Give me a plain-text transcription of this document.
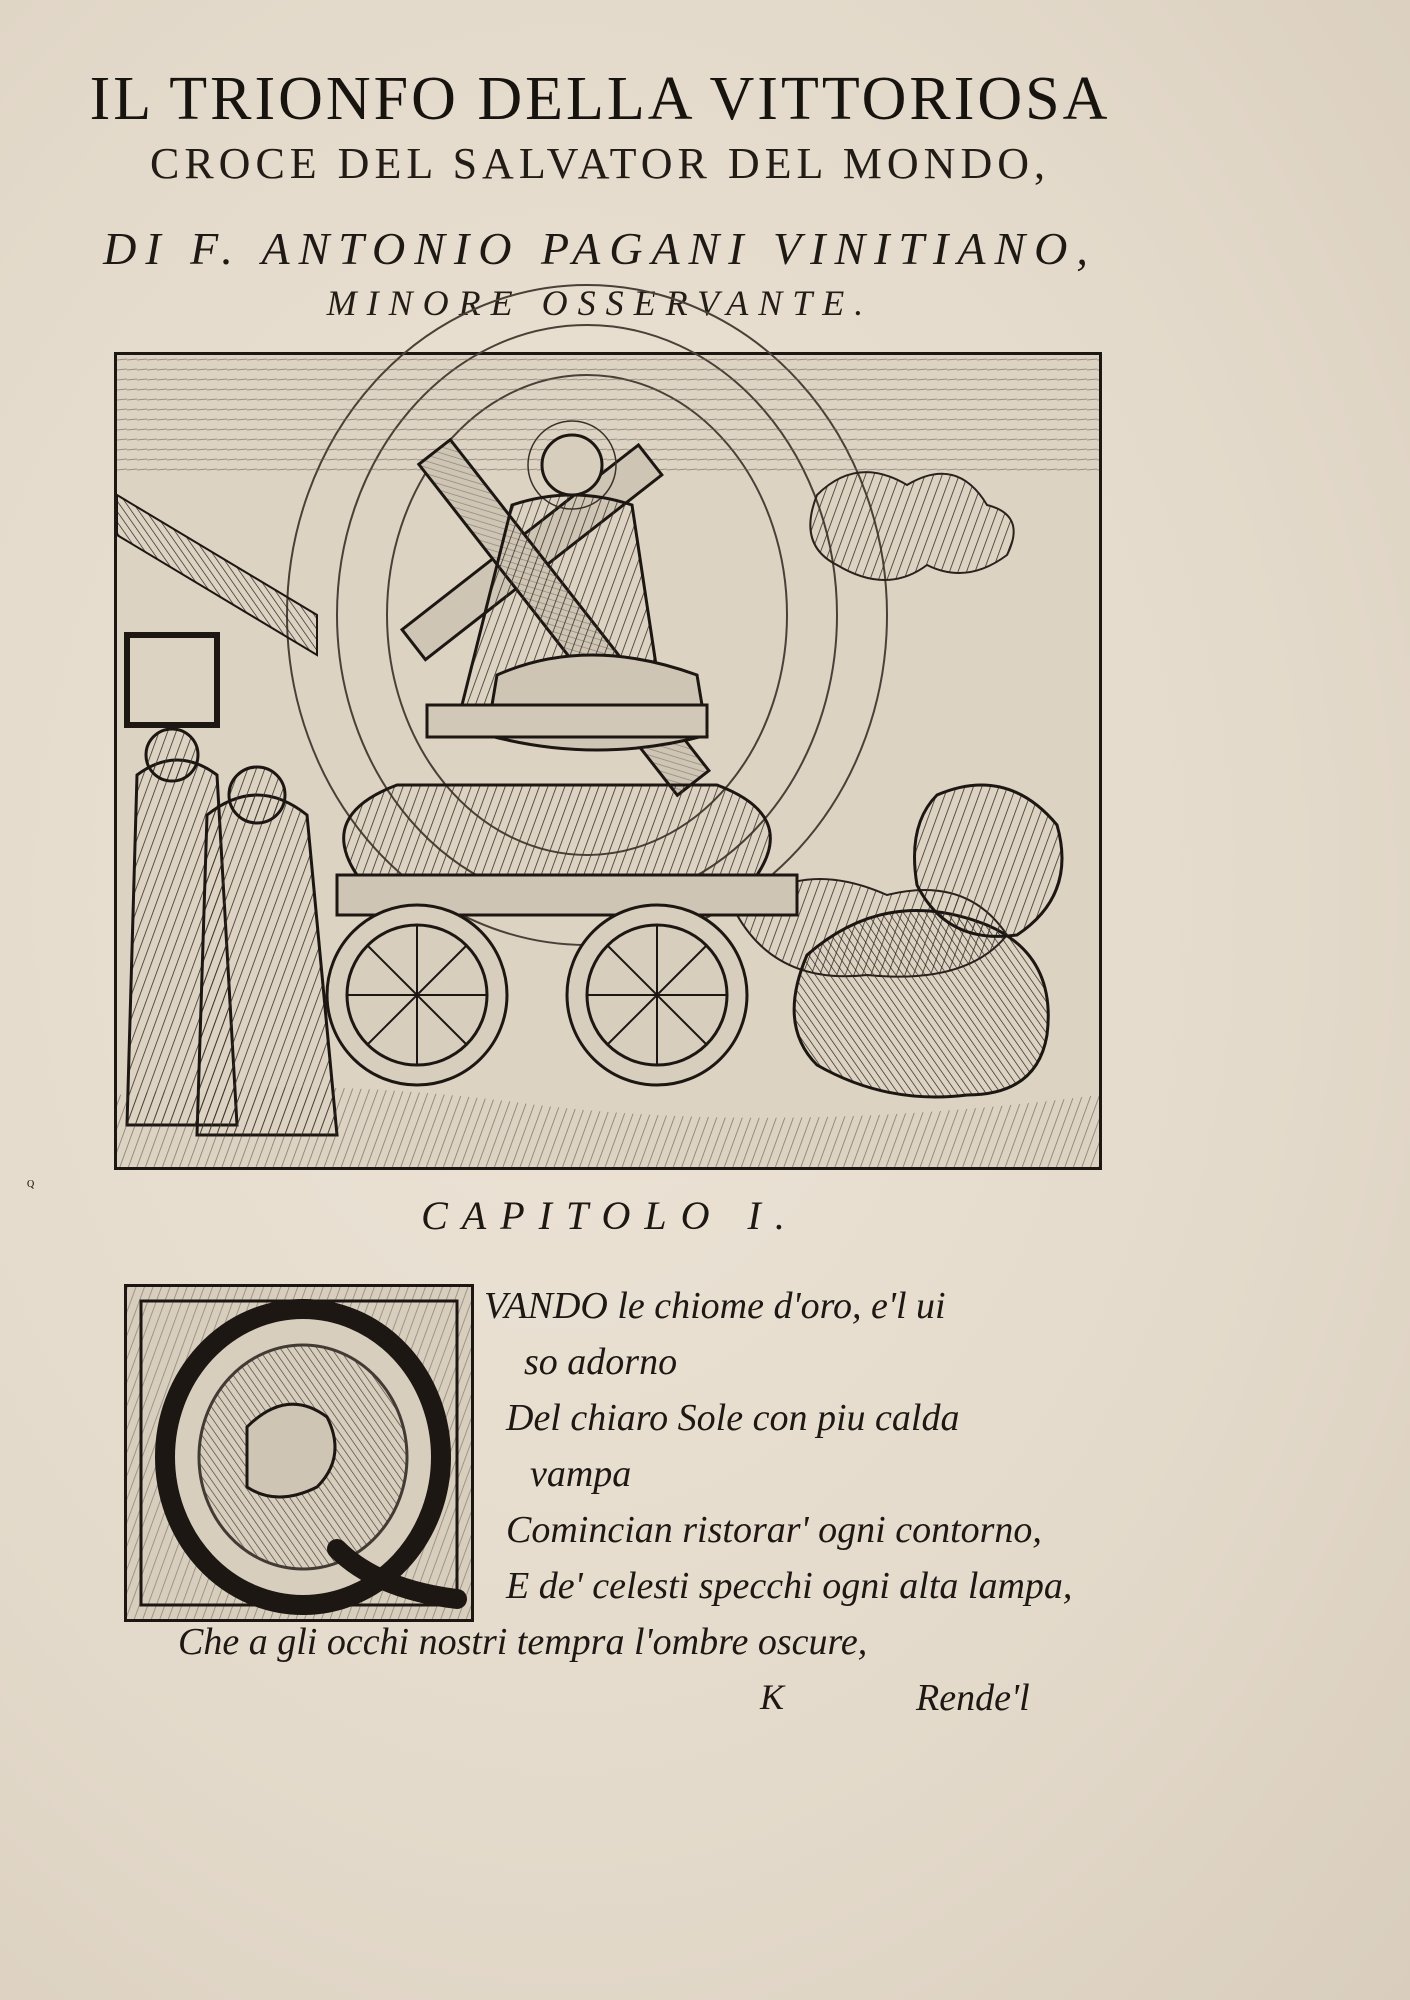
IL TRIONFO DELLA VITTORIOSA
CROCE DEL SALVATOR DEL MONDO,
DI F. ANTONIO PAGANI VINITIANO,
MINORE OSSERVANTE.
CAPITOLO I.
Q
VANDO le chiome d'oro, e'l ui
so adorno
Del chiaro Sole con piu calda
vampa
Comincian ristorar' ogni contorno,
E de' celesti specchi ogni alta lampa,
Che a gli occhi nostri tempra l'ombre oscure,
K	Rende'l
